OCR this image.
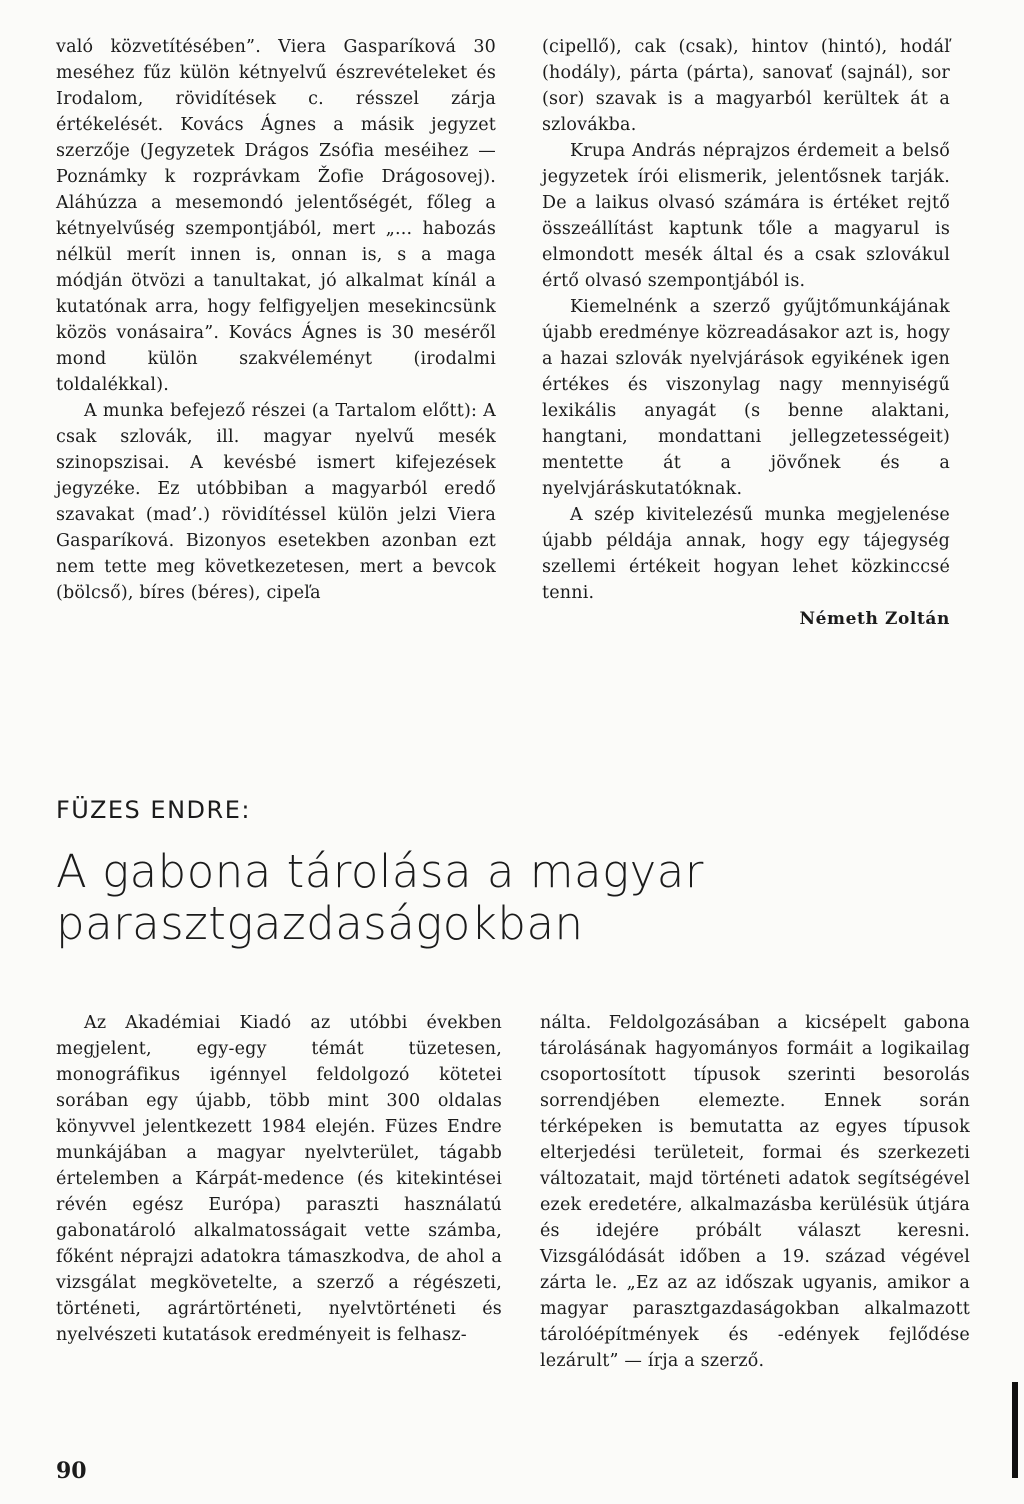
való közvetítésében”. Viera Gasparíková 30 meséhez fűz külön kétnyelvű észrevételeket és Irodalom, rövidítések c. résszel zárja értékelését. Kovács Ágnes a másik jegyzet szerzője (Jegyzetek Drágos Zsófia meséihez — Poznámky k rozprávkam Žofie Drágosovej). Aláhúzza a mesemondó jelentőségét, főleg a kétnyelvűség szempontjából, mert „... habozás nélkül merít innen is, onnan is, s a maga módján ötvözi a tanultakat, jó alkalmat kínál a kutatónak arra, hogy felfigyeljen mesekincsünk közös vonásaira”. Kovács Ágnes is 30 meséről mond külön szakvéleményt (irodalmi toldalékkal).

A munka befejező részei (a Tartalom előtt): A csak szlovák, ill. magyar nyelvű mesék szinopszisai. A kevésbé ismert kifejezések jegyzéke. Ez utóbbiban a magyarból eredő szavakat (mad’.) rövidítéssel külön jelzi Viera Gasparíková. Bizonyos esetekben azonban ezt nem tette meg következetesen, mert a bevcok (bölcső), bíres (béres), cipeľa

(cipellő), cak (csak), hintov (hintó), hodáľ (hodály), párta (párta), sanovať (sajnál), sor (sor) szavak is a magyarból kerültek át a szlovákba.

Krupa András néprajzos érdemeit a belső jegyzetek írói elismerik, jelentősnek tarják. De a laikus olvasó számára is értéket rejtő összeállítást kaptunk tőle a magyarul is elmondott mesék által és a csak szlovákul értő olvasó szempontjából is.

Kiemelnénk a szerző gyűjtőmunkájának újabb eredménye közreadásakor azt is, hogy a hazai szlovák nyelvjárások egyikének igen értékes és viszonylag nagy mennyiségű lexikális anyagát (s benne alaktani, hangtani, mondattani jellegzetességeit) mentette át a jövőnek és a nyelvjáráskutatóknak.

A szép kivitelezésű munka megjelenése újabb példája annak, hogy egy tájegység szellemi értékeit hogyan lehet közkinccsé tenni.

Németh Zoltán

FÜZES ENDRE:
A gabona tárolása a magyar parasztgazdaságokban

Az Akadémiai Kiadó az utóbbi években megjelent, egy-egy témát tüzetesen, monográfikus igénnyel feldolgozó kötetei sorában egy újabb, több mint 300 oldalas könyvvel jelentkezett 1984 elején. Füzes Endre munkájában a magyar nyelvterület, tágabb értelemben a Kárpát-medence (és kitekintései révén egész Európa) paraszti használatú gabonatároló alkalmatosságait vette számba, főként néprajzi adatokra támaszkodva, de ahol a vizsgálat megkövetelte, a szerző a régészeti, történeti, agrártörténeti, nyelvtörténeti és nyelvészeti kutatások eredményeit is felhasz-

nálta. Feldolgozásában a kicsépelt gabona tárolásának hagyományos formáit a logikailag csoportosított típusok szerinti besorolás sorrendjében elemezte. Ennek során térképeken is bemutatta az egyes típusok elterjedési területeit, formai és szerkezeti változatait, majd történeti adatok segítségével ezek eredetére, alkalmazásba kerülésük útjára és idejére próbált választ keresni. Vizsgálódását időben a 19. század végével zárta le. „Ez az az időszak ugyanis, amikor a magyar parasztgazdaságokban alkalmazott tárolóépítmények és -edények fejlődése lezárult” — írja a szerző.

90
